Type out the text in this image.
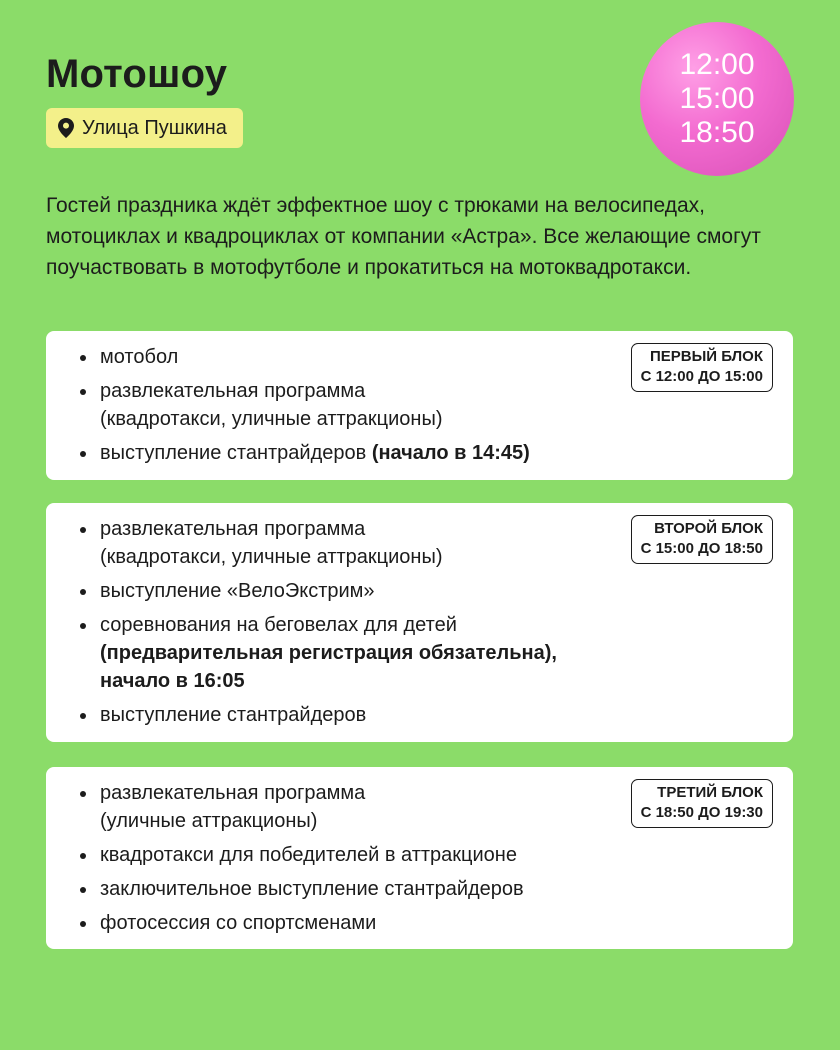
Мотошоу
Улица Пушкина
12:00
15:00
18:50
Гостей праздника ждёт эффектное шоу с трюками на велосипедах, мотоциклах и квадроциклах от компании «Астра». Все желающие смогут поучаствовать в мотофутболе и прокатиться на мотоквадротакси.
ПЕРВЫЙ БЛОК
С 12:00 ДО 15:00
мотобол
развлекательная программа
(квадротакси, уличные аттракционы)
выступление стантрайдеров (начало в 14:45)
ВТОРОЙ БЛОК
С 15:00 ДО 18:50
развлекательная программа
(квадротакси, уличные аттракционы)
выступление «ВелоЭкстрим»
соревнования на беговелах для детей
(предварительная регистрация обязательна),
начало в 16:05
выступление стантрайдеров
ТРЕТИЙ БЛОК
С 18:50 ДО 19:30
развлекательная программа
(уличные аттракционы)
квадротакси для победителей в аттракционе
заключительное выступление стантрайдеров
фотосессия со спортсменами
